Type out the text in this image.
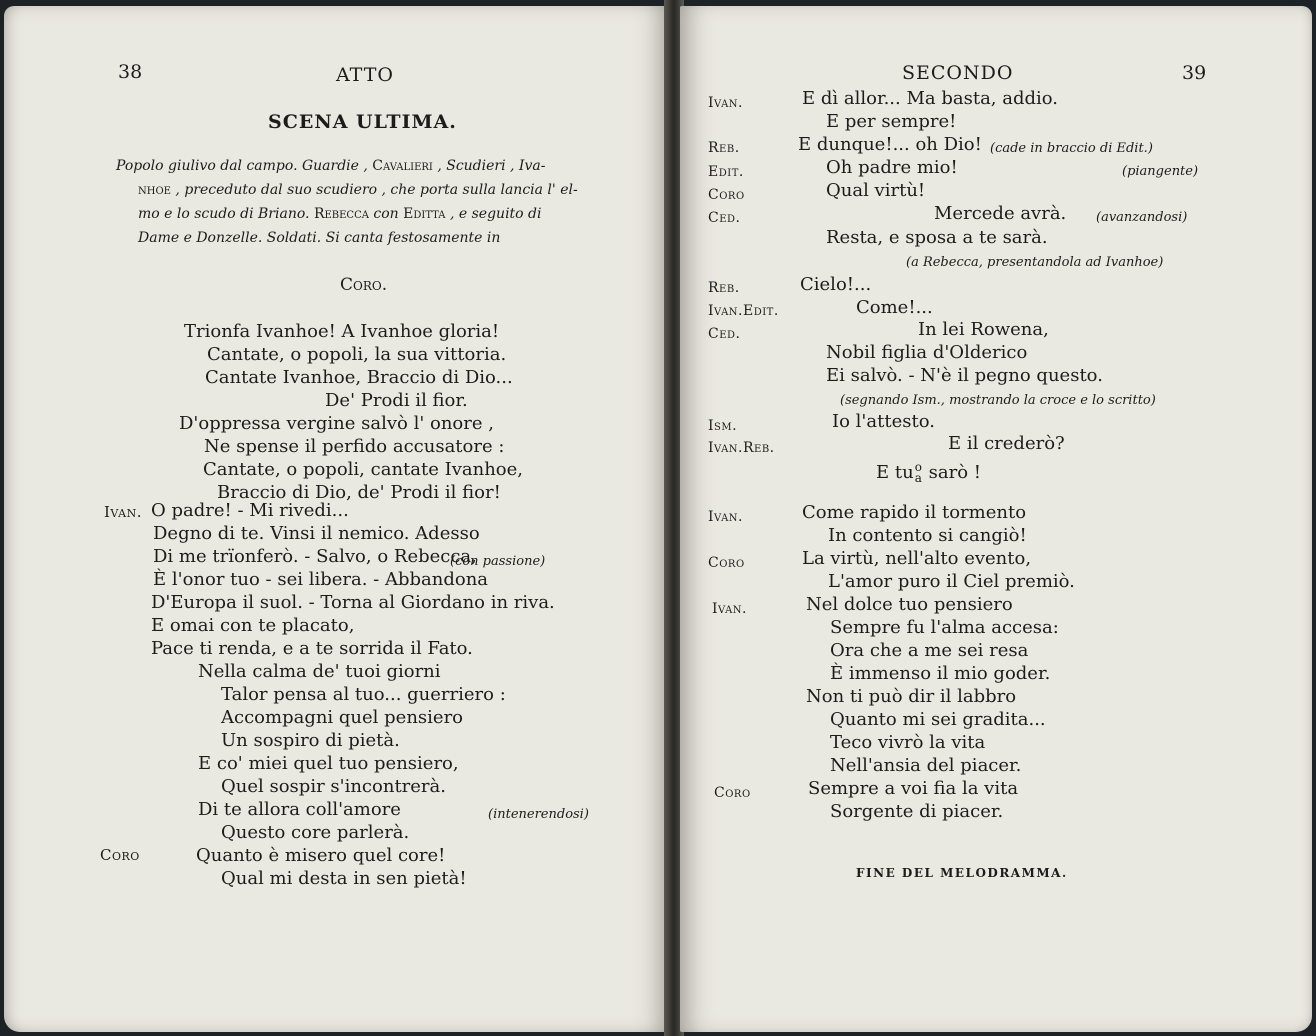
38	ATTO
SCENA ULTIMA.
Popolo giulivo dal campo. Guardie , Cavalieri , Scudieri , Iva-
nhoe , preceduto dal suo scudiero , che porta sulla lancia l' el-
mo e lo scudo di Briano. Rebecca con Editta , e seguito di
Dame e Donzelle. Soldati. Si canta festosamente in
Coro.
Trionfa Ivanhoe! A Ivanhoe gloria!
Cantate, o popoli, la sua vittoria.
Cantate Ivanhoe, Braccio di Dio...
De' Prodi il fior.
D'oppressa vergine salvò l' onore ,
Ne spense il perfido accusatore :
Cantate, o popoli, cantate Ivanhoe,
Braccio di Dio, de' Prodi il fior!
Ivan. O padre! - Mi rivedi...
Degno di te. Vinsi il nemico. Adesso
Di me trïonferò. - Salvo, o Rebecca,
(con passione)
È l'onor tuo - sei libera. - Abbandona
D'Europa il suol. - Torna al Giordano in riva.
E omai con te placato,
Pace ti renda, e a te sorrida il Fato.
Nella calma de' tuoi giorni
Talor pensa al tuo... guerriero :
Accompagni quel pensiero
Un sospiro di pietà.
E co' miei quel tuo pensiero,
Quel sospir s'incontrerà.
Di te allora coll'amore	(intenerendosi)
Questo core parlerà.
Coro	Quanto è misero quel core!
Qual mi desta in sen pietà!
SECONDO	39
Ivan.	E dì allor... Ma basta, addio.
E per sempre!
Reb.	E dunque!... oh Dio! (cade in braccio di Edit.)
Edit.	Oh padre mio!	(piangente)
Coro	Qual virtù!
Ced.	Mercede avrà. (avanzandosi)
Resta, e sposa a te sarà.
(a Rebecca, presentandola ad Ivanhoe)
Reb.	Cielo!...
Ivan.Edit.	Come!...
Ced.	In lei Rowena,
Nobil figlia d'Olderico
Ei salvò. - N'è il pegno questo.
(segnando Ism., mostrando la croce e lo scritto)
Ism.	Io l'attesto.
Ivan.Reb.	E il crederò?
E tu o
a sarò !
Ivan.	Come rapido il tormento
In contento si cangiò!
Coro	La virtù, nell'alto evento,
L'amor puro il Ciel premiò.
Ivan.	Nel dolce tuo pensiero
Sempre fu l'alma accesa:
Ora che a me sei resa
È immenso il mio goder.
Non ti può dir il labbro
Quanto mi sei gradita...
Teco vivrò la vita
Nell'ansia del piacer.
Coro	Sempre a voi fia la vita
Sorgente di piacer.
FINE DEL MELODRAMMA.
